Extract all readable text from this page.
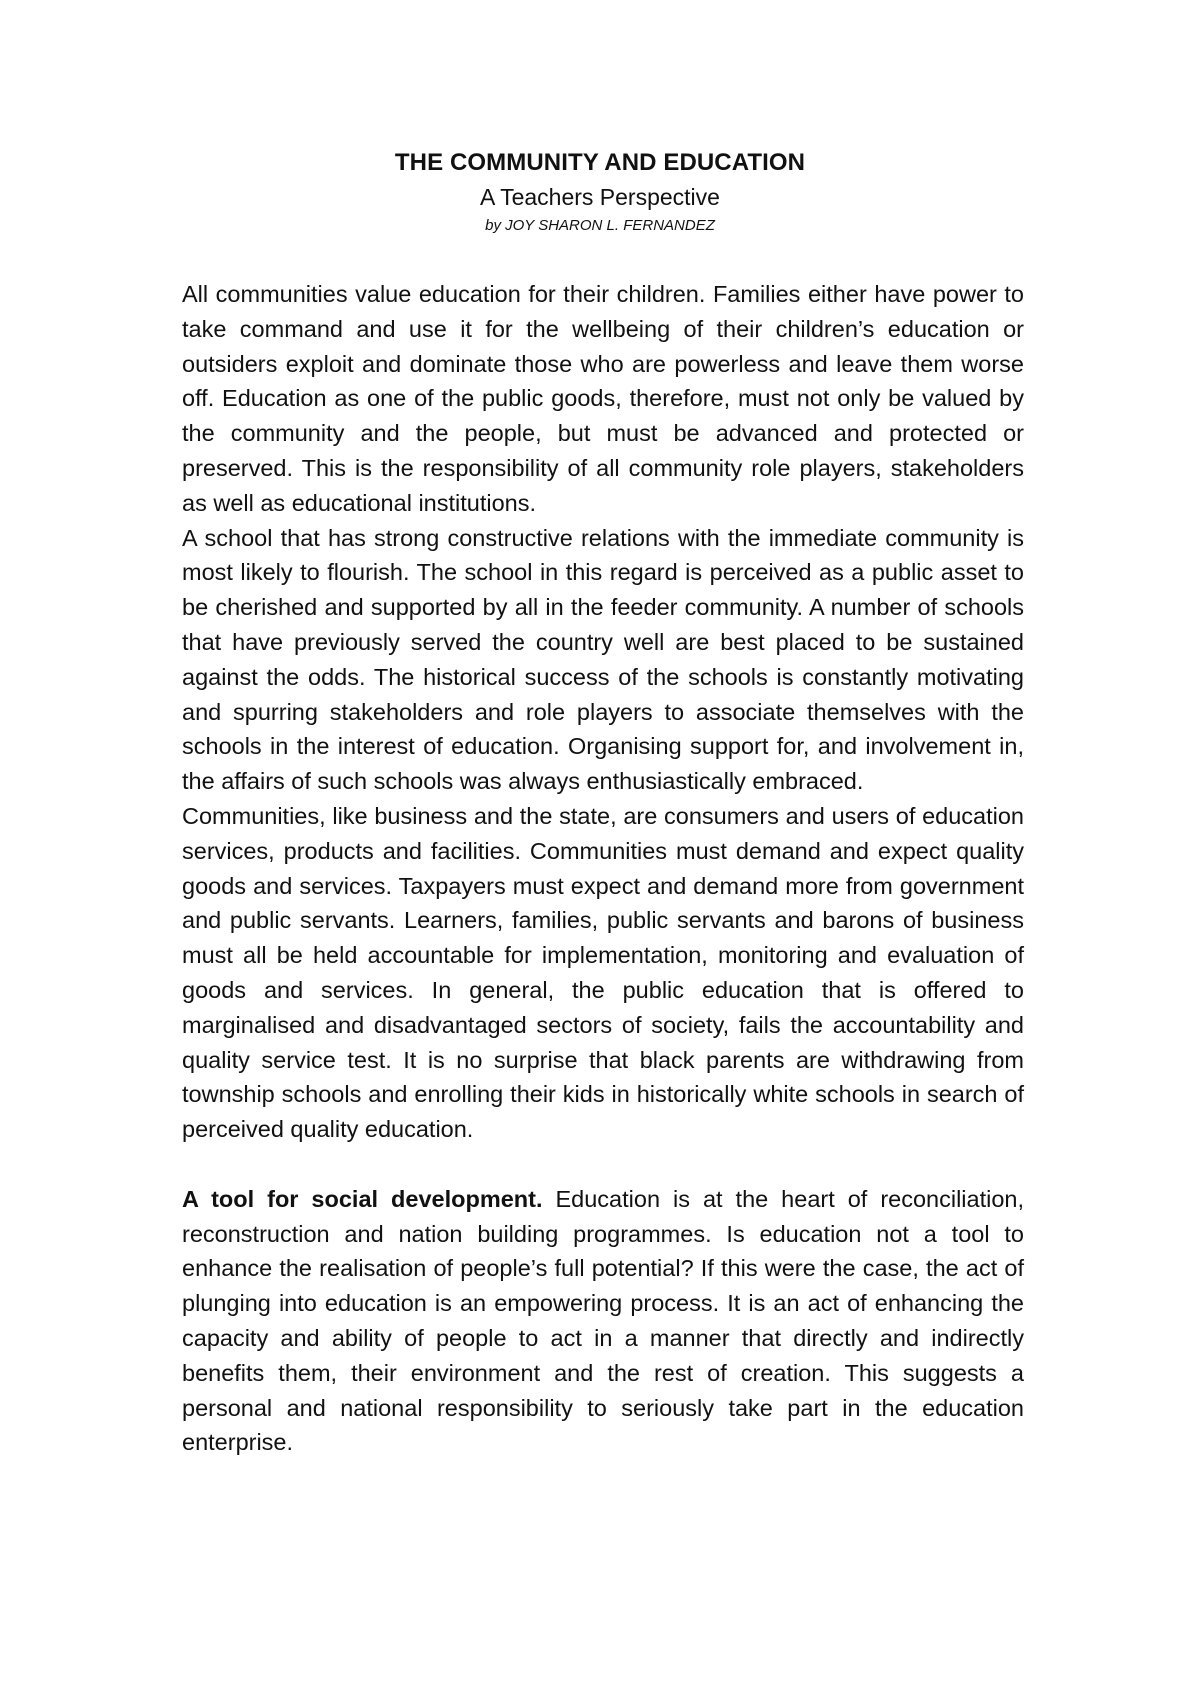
THE COMMUNITY AND EDUCATION

A Teachers Perspective

by JOY SHARON L. FERNANDEZ

All communities value education for their children. Families either have power to take command and use it for the wellbeing of their children’s education or outsiders exploit and dominate those who are powerless and leave them worse off. Education as one of the public goods, therefore, must not only be valued by the community and the people, but must be advanced and protected or preserved. This is the responsibility of all community role players, stakeholders as well as educational institutions.

A school that has strong constructive relations with the immediate community is most likely to flourish. The school in this regard is perceived as a public asset to be cherished and supported by all in the feeder community. A number of schools that have previously served the country well are best placed to be sustained against the odds. The historical success of the schools is constantly motivating and spurring stakeholders and role players to associate themselves with the schools in the interest of education. Organising support for, and involvement in, the affairs of such schools was always enthusiastically embraced.

Communities, like business and the state, are consumers and users of education services, products and facilities. Communities must demand and expect quality goods and services. Taxpayers must expect and demand more from government and public servants. Learners, families, public servants and barons of business must all be held accountable for implementation, monitoring and evaluation of goods and services. In general, the public education that is offered to marginalised and disadvantaged sectors of society, fails the accountability and quality service test. It is no surprise that black parents are withdrawing from township schools and enrolling their kids in historically white schools in search of perceived quality education.

A tool for social development. Education is at the heart of reconciliation, reconstruction and nation building programmes. Is education not a tool to enhance the realisation of people’s full potential? If this were the case, the act of plunging into education is an empowering process. It is an act of enhancing the capacity and ability of people to act in a manner that directly and indirectly benefits them, their environment and the rest of creation. This suggests a personal and national responsibility to seriously take part in the education enterprise.
